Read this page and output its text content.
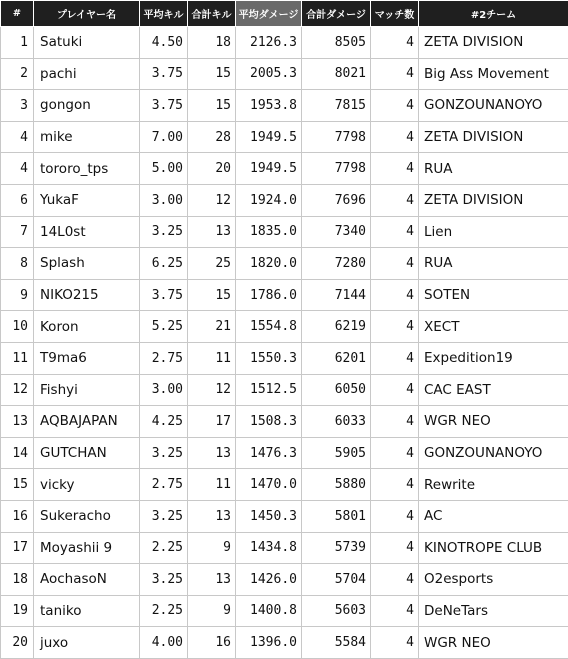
#	プレイヤー名	平均キル	合計キル	平均ダメージ	合計ダメージ	マッチ数	#2チーム
1	Satuki	4.50	18	2126.3	8505	4	ZETA DIVISION
2	pachi	3.75	15	2005.3	8021	4	Big Ass Movement
3	gongon	3.75	15	1953.8	7815	4	GONZOUNANOYO
4	mike	7.00	28	1949.5	7798	4	ZETA DIVISION
4	tororo_tps	5.00	20	1949.5	7798	4	RUA
6	YukaF	3.00	12	1924.0	7696	4	ZETA DIVISION
7	14L0st	3.25	13	1835.0	7340	4	Lien
8	Splash	6.25	25	1820.0	7280	4	RUA
9	NIKO215	3.75	15	1786.0	7144	4	SOTEN
10	Koron	5.25	21	1554.8	6219	4	XECT
11	T9ma6	2.75	11	1550.3	6201	4	Expedition19
12	Fishyi	3.00	12	1512.5	6050	4	CAC EAST
13	AQBAJAPAN	4.25	17	1508.3	6033	4	WGR NEO
14	GUTCHAN	3.25	13	1476.3	5905	4	GONZOUNANOYO
15	vicky	2.75	11	1470.0	5880	4	Rewrite
16	Sukeracho	3.25	13	1450.3	5801	4	AC
17	Moyashii 9	2.25	9	1434.8	5739	4	KINOTROPE CLUB
18	AochasoN	3.25	13	1426.0	5704	4	O2esports
19	taniko	2.25	9	1400.8	5603	4	DeNeTars
20	juxo	4.00	16	1396.0	5584	4	WGR NEO
